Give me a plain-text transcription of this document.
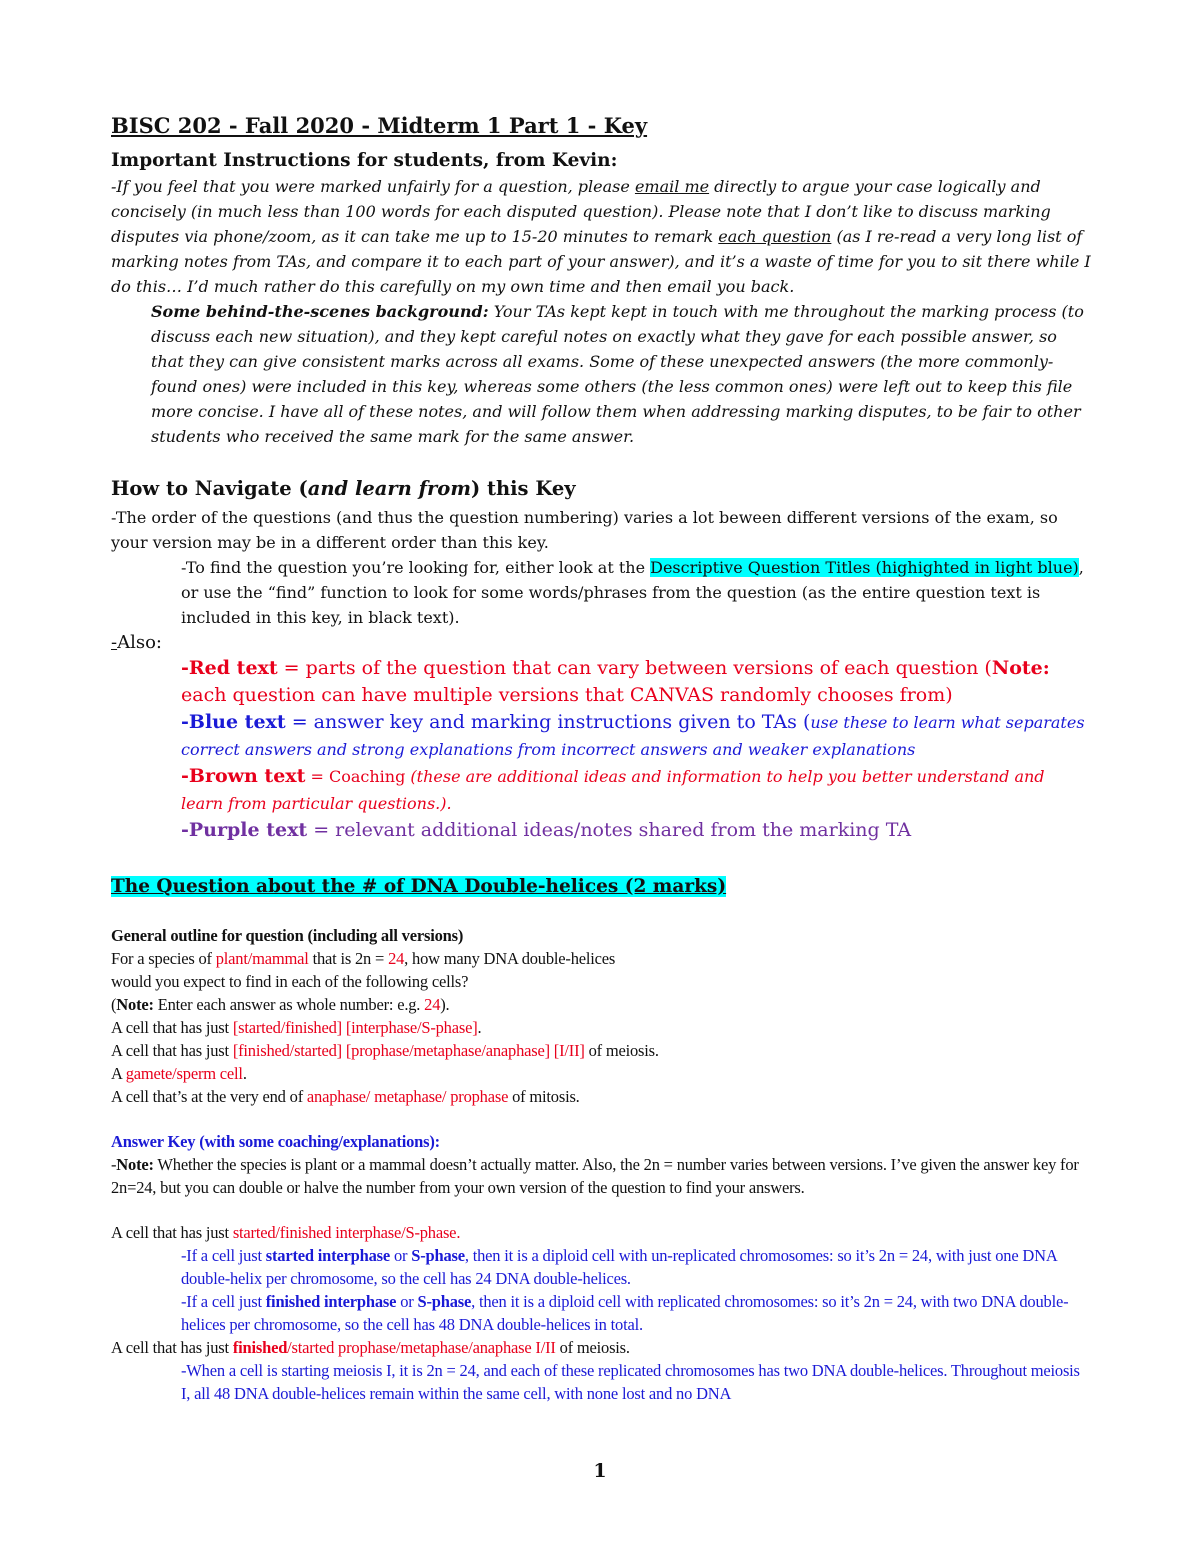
BISC 202 - Fall 2020 - Midterm 1 Part 1 - Key
Important Instructions for students, from Kevin:

-If you feel that you were marked unfairly for a question, please email me directly to argue your case logically and concisely (in much less than 100 words for each disputed question). Please note that I don’t like to discuss marking disputes via phone/zoom, as it can take me up to 15-20 minutes to remark each question (as I re-read a very long list of marking notes from TAs, and compare it to each part of your answer), and it’s a waste of time for you to sit there while I do this… I’d much rather do this carefully on my own time and then email you back.

Some behind-the-scenes background: Your TAs kept kept in touch with me throughout the marking process (to discuss each new situation), and they kept careful notes on exactly what they gave for each possible answer, so that they can give consistent marks across all exams. Some of these unexpected answers (the more commonly-found ones) were included in this key, whereas some others (the less common ones) were left out to keep this file more concise. I have all of these notes, and will follow them when addressing marking disputes, to be fair to other students who received the same mark for the same answer.

How to Navigate (and learn from) this Key

-The order of the questions (and thus the question numbering) varies a lot beween different versions of the exam, so your version may be in a different order than this key.

-To find the question you’re looking for, either look at the Descriptive Question Titles (highighted in light blue), or use the “find” function to look for some words/phrases from the question (as the entire question text is included in this key, in black text).

-Also:

-Red text = parts of the question that can vary between versions of each question (Note: each question can have multiple versions that CANVAS randomly chooses from)

-Blue text = answer key and marking instructions given to TAs (use these to learn what separates correct answers and strong explanations from incorrect answers and weaker explanations

-Brown text = Coaching (these are additional ideas and information to help you better understand and learn from particular questions.).

-Purple text = relevant additional ideas/notes shared from the marking TA

The Question about the # of DNA Double-helices (2 marks)

General outline for question (including all versions)

For a species of plant/mammal that is 2n = 24, how many DNA double-helices

would you expect to find in each of the following cells?

(Note: Enter each answer as whole number: e.g. 24).

A cell that has just [started/finished] [interphase/S-phase].

A cell that has just [finished/started] [prophase/metaphase/anaphase] [I/II] of meiosis.

A gamete/sperm cell.

A cell that’s at the very end of anaphase/ metaphase/ prophase of mitosis.

Answer Key (with some coaching/explanations):

-Note: Whether the species is plant or a mammal doesn’t actually matter. Also, the 2n = number varies between versions. I’ve given the answer key for 2n=24, but you can double or halve the number from your own version of the question to find your answers.

A cell that has just started/finished interphase/S-phase.

-If a cell just started interphase or S-phase, then it is a diploid cell with un-replicated chromosomes: so it’s 2n = 24, with just one DNA double-helix per chromosome, so the cell has 24 DNA double-helices.

-If a cell just finished interphase or S-phase, then it is a diploid cell with replicated chromosomes: so it’s 2n = 24, with two DNA double-helices per chromosome, so the cell has 48 DNA double-helices in total.

A cell that has just finished/started prophase/metaphase/anaphase I/II of meiosis.

-When a cell is starting meiosis I, it is 2n = 24, and each of these replicated chromosomes has two DNA double-helices. Throughout meiosis I, all 48 DNA double-helices remain within the same cell, with none lost and no DNA

1
